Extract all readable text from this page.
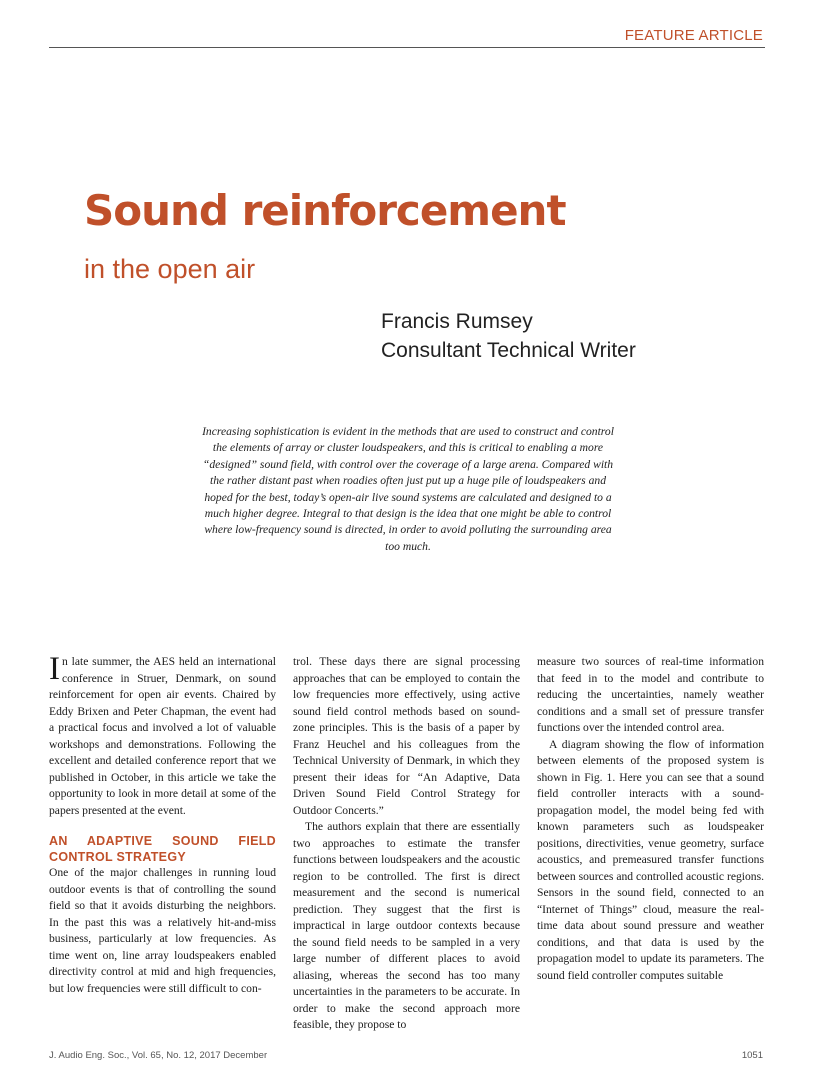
FEATURE ARTICLE
Sound reinforcement
in the open air
Francis Rumsey
Consultant Technical Writer
Increasing sophistication is evident in the methods that are used to construct and control the elements of array or cluster loudspeakers, and this is critical to enabling a more “designed” sound field, with control over the coverage of a large arena. Compared with the rather distant past when roadies often just put up a huge pile of loudspeakers and hoped for the best, today’s open-air live sound systems are calculated and designed to a much higher degree. Integral to that design is the idea that one might be able to control where low-frequency sound is directed, in order to avoid polluting the surrounding area too much.

In late summer, the AES held an international conference in Struer, Denmark, on sound reinforcement for open air events. Chaired by Eddy Brixen and Peter Chapman, the event had a practical focus and involved a lot of valuable workshops and demonstrations. Following the excellent and detailed conference report that we published in October, in this article we take the opportunity to look in more detail at some of the papers presented at the event.

AN ADAPTIVE SOUND FIELD CONTROL STRATEGY

One of the major challenges in running loud outdoor events is that of controlling the sound field so that it avoids disturbing the neighbors. In the past this was a relatively hit-and-miss business, particularly at low frequencies. As time went on, line array loudspeakers enabled directivity control at mid and high frequencies, but low frequencies were still difficult to con-

trol. These days there are signal processing approaches that can be employed to contain the low frequencies more effectively, using active sound field control methods based on sound-zone principles. This is the basis of a paper by Franz Heuchel and his colleagues from the Technical University of Denmark, in which they present their ideas for “An Adaptive, Data Driven Sound Field Control Strategy for Outdoor Concerts.”

The authors explain that there are essentially two approaches to estimate the transfer functions between loudspeakers and the acoustic region to be controlled. The first is direct measurement and the second is numerical prediction. They suggest that the first is impractical in large outdoor contexts because the sound field needs to be sampled in a very large number of different places to avoid aliasing, whereas the second has too many uncertainties in the parameters to be accurate. In order to make the second approach more feasible, they propose to

measure two sources of real-time information that feed in to the model and contribute to reducing the uncertainties, namely weather conditions and a small set of pressure transfer functions over the intended control area.

A diagram showing the flow of information between elements of the proposed system is shown in Fig. 1. Here you can see that a sound field controller interacts with a sound-propagation model, the model being fed with known parameters such as loudspeaker positions, directivities, venue geometry, surface acoustics, and premeasured transfer functions between sources and controlled acoustic regions. Sensors in the sound field, connected to an “Internet of Things” cloud, measure the real-time data about sound pressure and weather conditions, and that data is used by the propagation model to update its parameters. The sound field controller computes suitable

J. Audio Eng. Soc., Vol. 65, No. 12, 2017 December	1051
